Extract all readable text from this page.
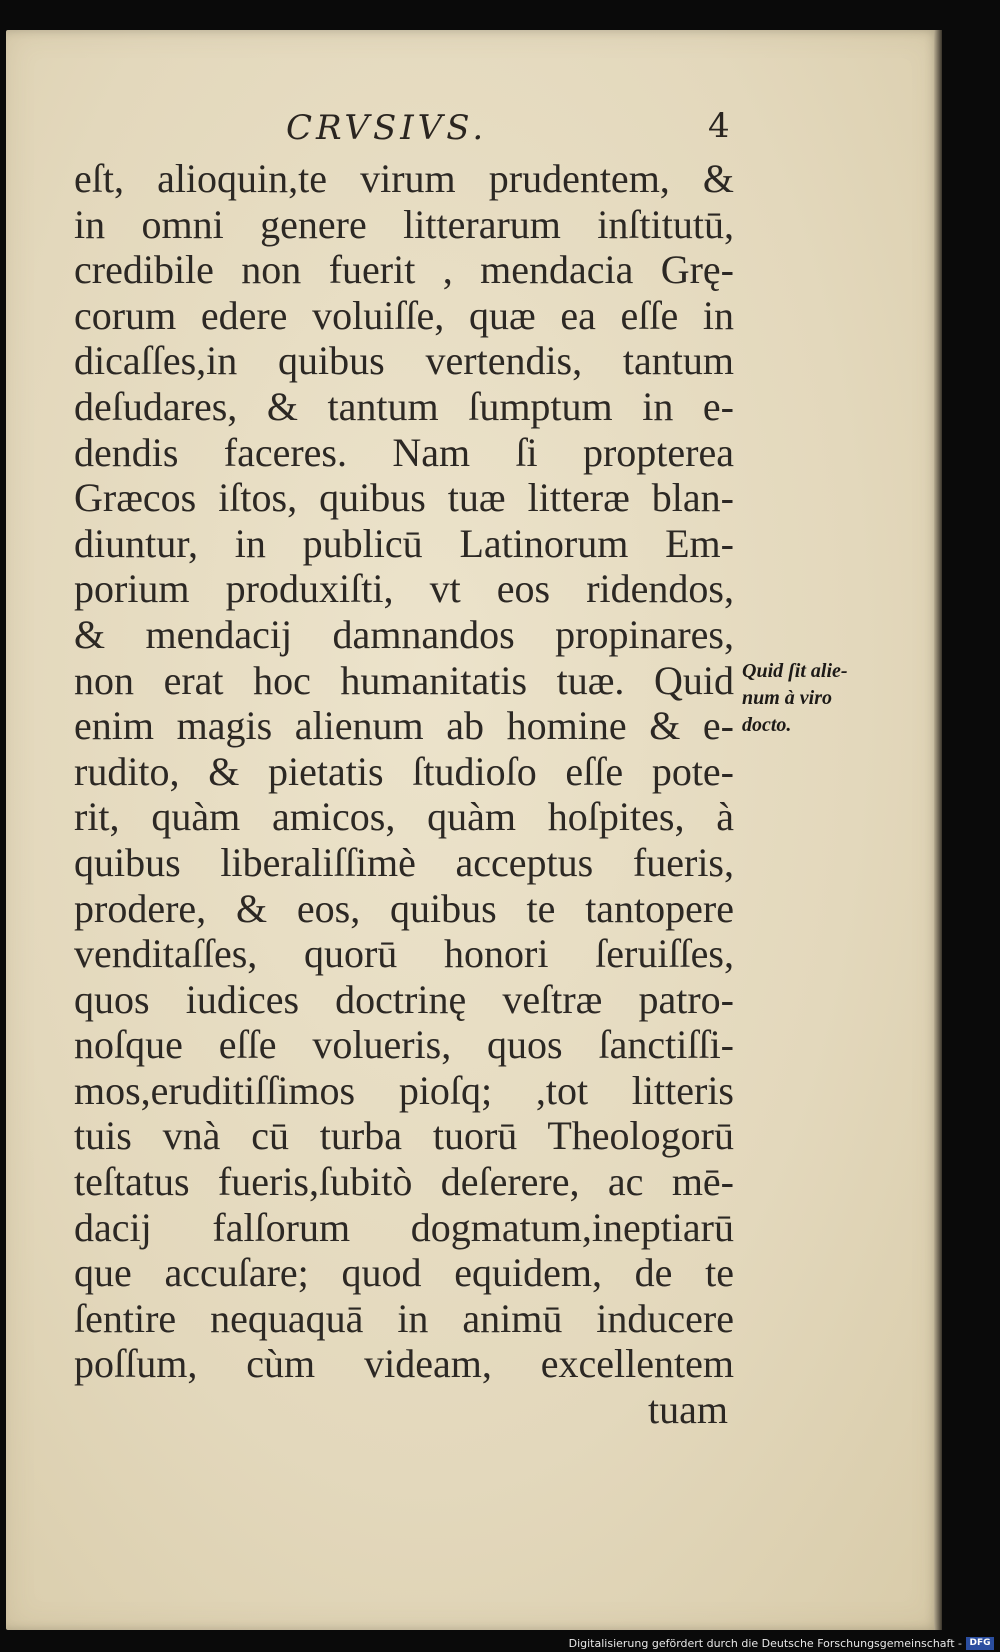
CRVSIVS.	4
eſt, alioquin,te virum prudentem, &
in omni genere litterarum inſtitutū,
credibile non fuerit , mendacia Grę-
corum edere voluiſſe, quæ ea eſſe in
dicaſſes,in quibus vertendis, tantum
deſudares, & tantum ſumptum in e-
dendis faceres. Nam ſi propterea
Græcos iſtos, quibus tuæ litteræ blan-
diuntur, in publicū Latinorum Em-
porium produxiſti, vt eos ridendos,
& mendacij damnandos propinares,
non erat hoc humanitatis tuæ. Quid
enim magis alienum ab homine & e-
rudito, & pietatis ſtudioſo eſſe pote-
rit, quàm amicos, quàm hoſpites, à
quibus liberaliſſimè acceptus fueris,
prodere, & eos, quibus te tantopere
venditaſſes, quorū honori ſeruiſſes,
quos iudices doctrinę veſtræ patro-
noſque eſſe volueris, quos ſanctiſſi-
mos,eruditiſſimos pioſq; ,tot litteris
tuis vnà cū turba tuorū Theologorū
teſtatus fueris,ſubitò deſerere, ac mē-
dacij falſorum dogmatum,ineptiarū
que accuſare; quod equidem, de te
ſentire nequaquā in animū inducere
poſſum, cùm videam, excellentem
tuam
Quid ſit alie-
num à viro
docto.
Digitalisierung gefördert durch die Deutsche Forschungsgemeinschaft - DFG
